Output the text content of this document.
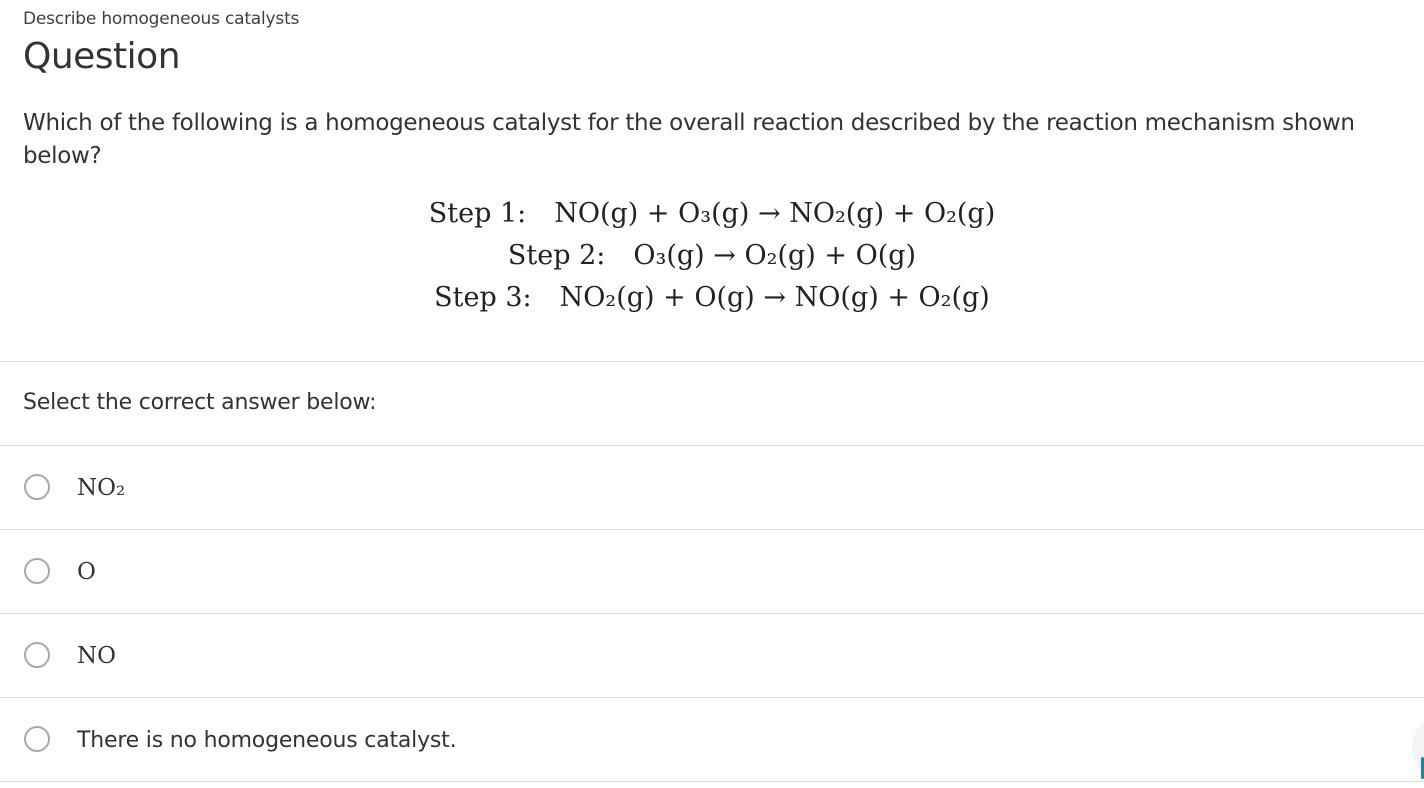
Describe homogeneous catalysts
Question
Which of the following is a homogeneous catalyst for the overall reaction described by the reaction mechanism shown below?
Step 1: NO(g) + O₃(g) → NO₂(g) + O₂(g)
Step 2: O₃(g) → O₂(g) + O(g)
Step 3: NO₂(g) + O(g) → NO(g) + O₂(g)
Select the correct answer below:
NO₂
O
NO
There is no homogeneous catalyst.
